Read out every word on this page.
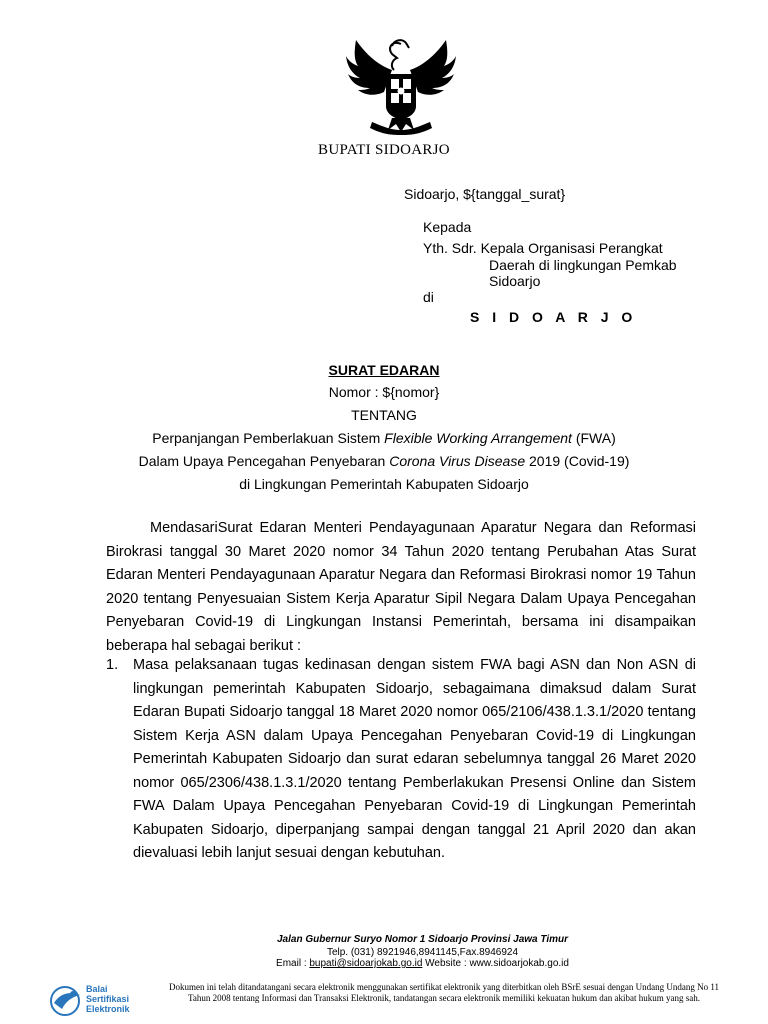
BUPATI SIDOARJO
Sidoarjo, ${tanggal_surat}
Kepada
Yth. Sdr. Kepala Organisasi Perangkat
Daerah di lingkungan Pemkab
Sidoarjo
di
S I D O A R J O
SURAT EDARAN
Nomor : ${nomor}
TENTANG
Perpanjangan Pemberlakuan Sistem Flexible Working Arrangement (FWA)
Dalam Upaya Pencegahan Penyebaran Corona Virus Disease 2019 (Covid-19)
di Lingkungan Pemerintah Kabupaten Sidoarjo
MendasariSurat Edaran Menteri Pendayagunaan Aparatur Negara dan Reformasi Birokrasi tanggal 30 Maret 2020 nomor 34 Tahun 2020 tentang Perubahan Atas Surat Edaran Menteri Pendayagunaan Aparatur Negara dan Reformasi Birokrasi nomor 19 Tahun 2020 tentang Penyesuaian Sistem Kerja Aparatur Sipil Negara Dalam Upaya Pencegahan Penyebaran Covid-19 di Lingkungan Instansi Pemerintah, bersama ini disampaikan beberapa hal sebagai berikut :
1. Masa pelaksanaan tugas kedinasan dengan sistem FWA bagi ASN dan Non ASN di lingkungan pemerintah Kabupaten Sidoarjo, sebagaimana dimaksud dalam Surat Edaran Bupati Sidoarjo tanggal 18 Maret 2020 nomor 065/2106/438.1.3.1/2020 tentang Sistem Kerja ASN dalam Upaya Pencegahan Penyebaran Covid-19 di Lingkungan Pemerintah Kabupaten Sidoarjo dan surat edaran sebelumnya tanggal 26 Maret 2020 nomor 065/2306/438.1.3.1/2020 tentang Pemberlakukan Presensi Online dan Sistem FWA Dalam Upaya Pencegahan Penyebaran Covid-19 di Lingkungan Pemerintah Kabupaten Sidoarjo, diperpanjang sampai dengan tanggal 21 April 2020 dan akan dievaluasi lebih lanjut sesuai dengan kebutuhan.
Jalan Gubernur Suryo Nomor 1 Sidoarjo Provinsi Jawa Timur
Telp. (031) 8921946,8941145,Fax.8946924
Email : bupati@sidoarjokab.go.id Website : www.sidoarjokab.go.id
Balai
Sertifikasi
Elektronik
Dokumen ini telah ditandatangani secara elektronik menggunakan sertifikat elektronik yang diterbitkan oleh BSrE sesuai dengan Undang Undang No 11 Tahun 2008 tentang Informasi dan Transaksi Elektronik, tandatangan secara elektronik memiliki kekuatan hukum dan akibat hukum yang sah.
